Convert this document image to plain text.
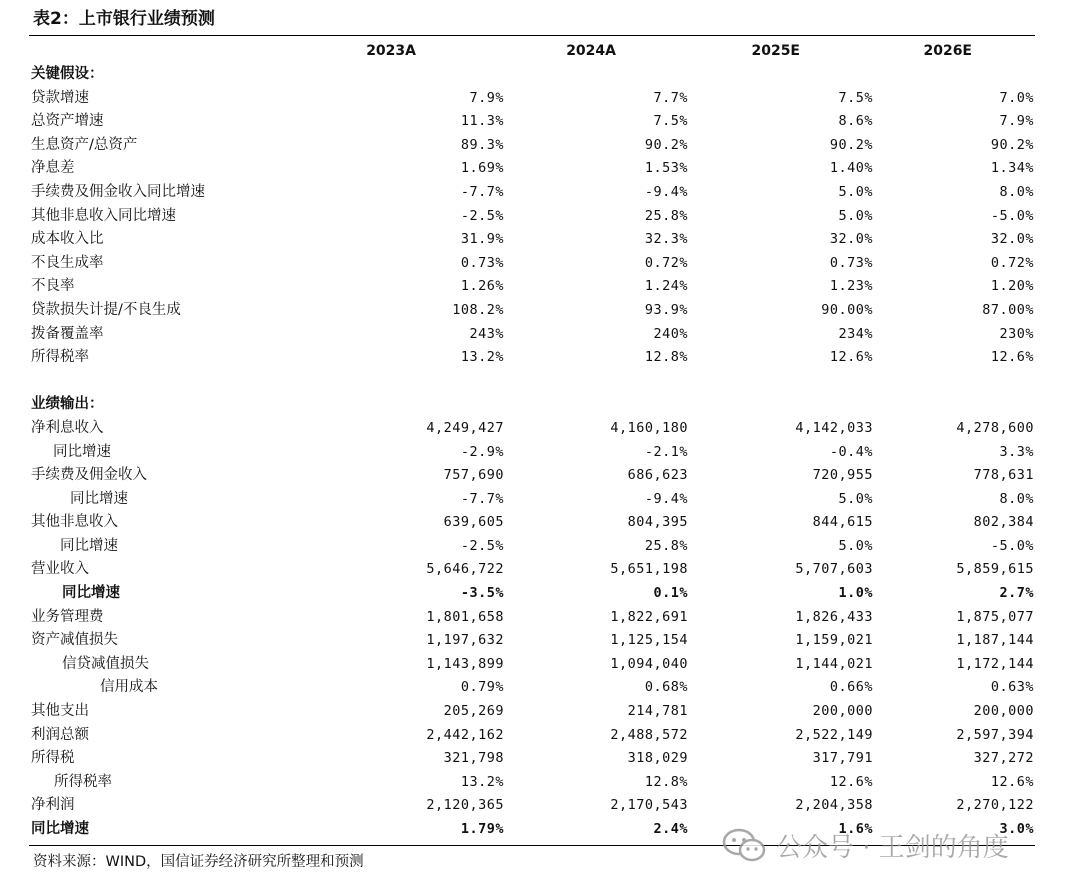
表2：上市银行业绩预测
2023A	2024A	2025E	2026E
关键假设：
贷款增速	7.9%	7.7%	7.5%	7.0%
总资产增速	11.3%	7.5%	8.6%	7.9%
生息资产/总资产	89.3%	90.2%	90.2%	90.2%
净息差	1.69%	1.53%	1.40%	1.34%
手续费及佣金收入同比增速	-7.7%	-9.4%	5.0%	8.0%
其他非息收入同比增速	-2.5%	25.8%	5.0%	-5.0%
成本收入比	31.9%	32.3%	32.0%	32.0%
不良生成率	0.73%	0.72%	0.73%	0.72%
不良率	1.26%	1.24%	1.23%	1.20%
贷款损失计提/不良生成	108.2%	93.9%	90.00%	87.00%
拨备覆盖率	243%	240%	234%	230%
所得税率	13.2%	12.8%	12.6%	12.6%
业绩输出：
净利息收入	4,249,427	4,160,180	4,142,033	4,278,600
同比增速	-2.9%	-2.1%	-0.4%	3.3%
手续费及佣金收入	757,690	686,623	720,955	778,631
同比增速	-7.7%	-9.4%	5.0%	8.0%
其他非息收入	639,605	804,395	844,615	802,384
同比增速	-2.5%	25.8%	5.0%	-5.0%
营业收入	5,646,722	5,651,198	5,707,603	5,859,615
同比增速	-3.5%	0.1%	1.0%	2.7%
业务管理费	1,801,658	1,822,691	1,826,433	1,875,077
资产减值损失	1,197,632	1,125,154	1,159,021	1,187,144
信贷减值损失	1,143,899	1,094,040	1,144,021	1,172,144
信用成本	0.79%	0.68%	0.66%	0.63%
其他支出	205,269	214,781	200,000	200,000
利润总额	2,442,162	2,488,572	2,522,149	2,597,394
所得税	321,798	318,029	317,791	327,272
所得税率	13.2%	12.8%	12.6%	12.6%
净利润	2,120,365	2,170,543	2,204,358	2,270,122
同比增速	1.79%	2.4%	1.6%	3.0%
资料来源：WIND，国信证券经济研究所整理和预测	公众号 · 王剑的角度
